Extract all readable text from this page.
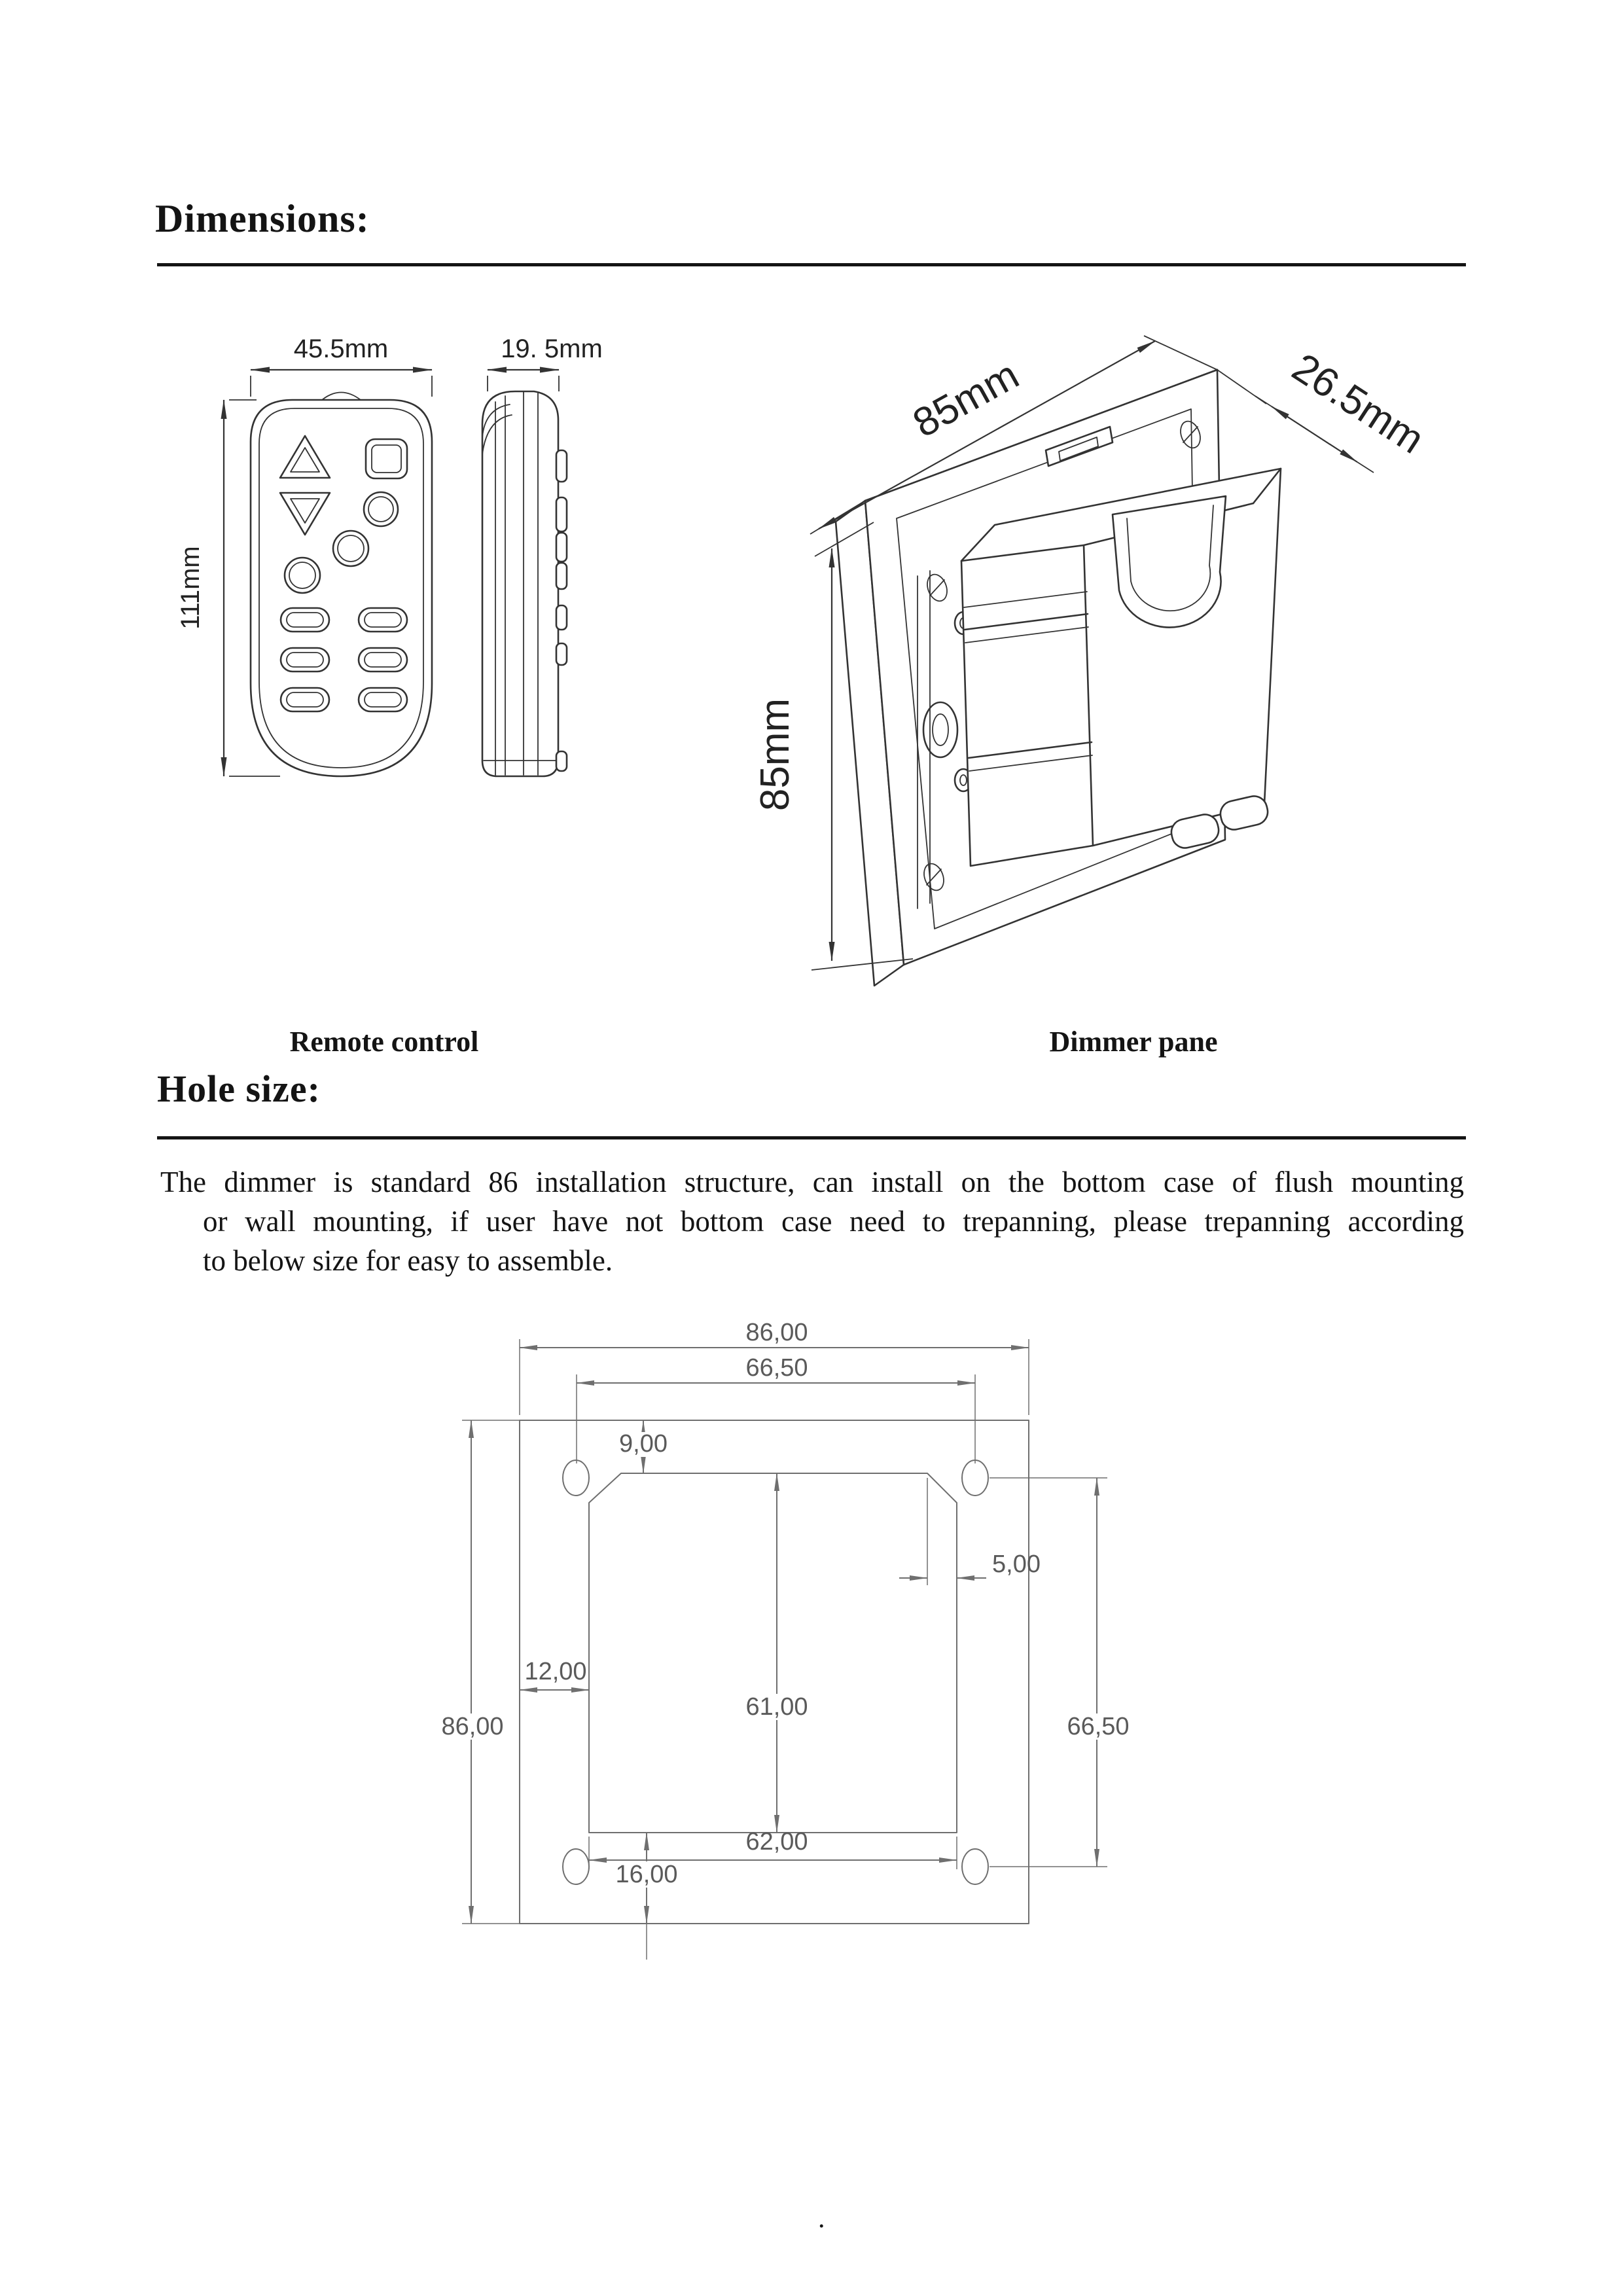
Dimensions:
45.5mm	19. 5mm
111mm
85mm	26.5mm
85mm
Remote control	Dimmer pane
Hole size:
The dimmer is standard 86 installation structure, can install on the bottom case of flush mounting
or wall mounting, if user have not bottom case need to trepanning, please trepanning according
to below size for easy to assemble.
86,00
66,50
9,00
5,00
12,00
61,00
86,00	66,50
62,00
16,00
.
